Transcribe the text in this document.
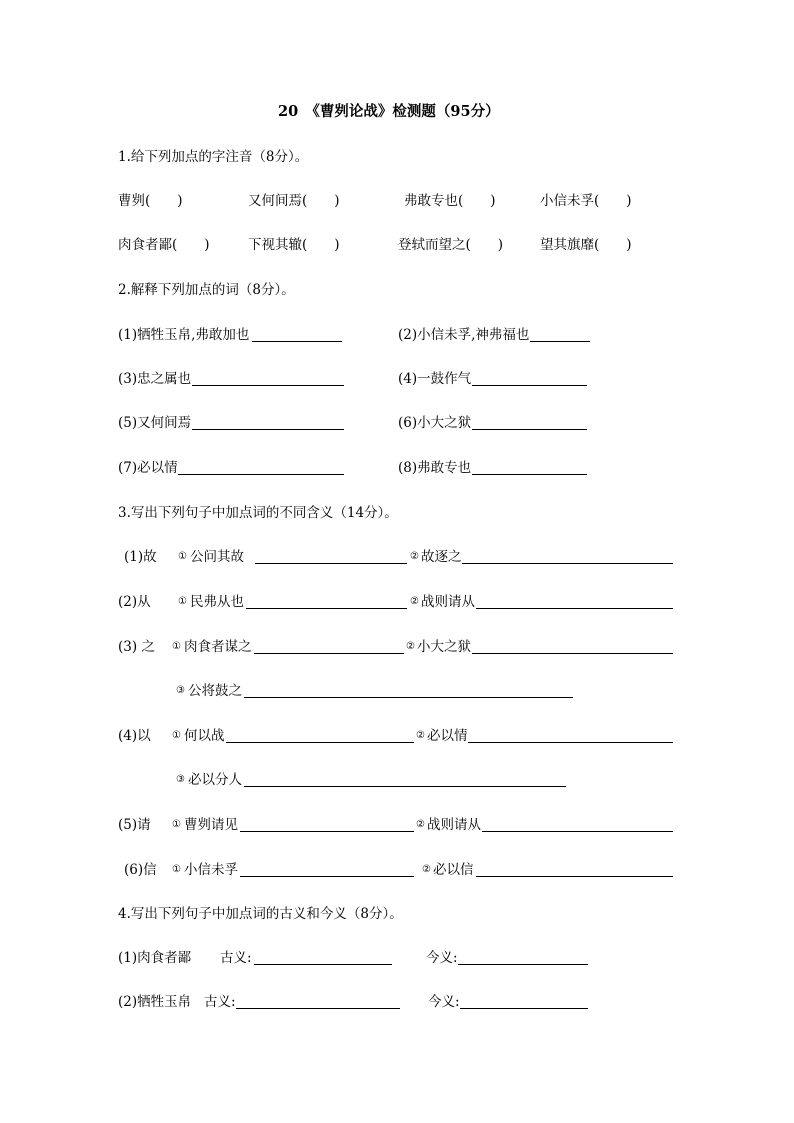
20　《曹刿论战》检测题（95分）
1.给下列加点的字注音（8分）。
曹刿(　　)	又何间焉(　　)	弗敢专也(　　)	小信未孚(　　)
肉食者鄙(　　)	下视其辙(　　)	登轼而望之(　　)	望其旗靡(　　)
2.解释下列加点的词（8分）。
(1)牺牲玉帛,弗敢加也	(2)小信未孚,神弗福也
(3)忠之属也	(4)一鼓作气
(5)又何间焉	(6)小大之狱
(7)必以情	(8)弗敢专也
3.写出下列句子中加点词的不同含义（14分）。
(1)故 ① 公问其故	② 故逐之
(2)从	① 民弗从也	② 战则请从
(3) 之 ① 肉食者谋之	② 小大之狱
③ 公将鼓之
(4)以 ① 何以战	② 必以情
③ 必以分人
(5)请 ① 曹刿请见	② 战则请从
(6)信 ① 小信未孚	② 必以信
4.写出下列句子中加点词的古义和今义（8分）。
(1)肉食者鄙 古义:	今义:
(2)牺牲玉帛 古义:	今义:
